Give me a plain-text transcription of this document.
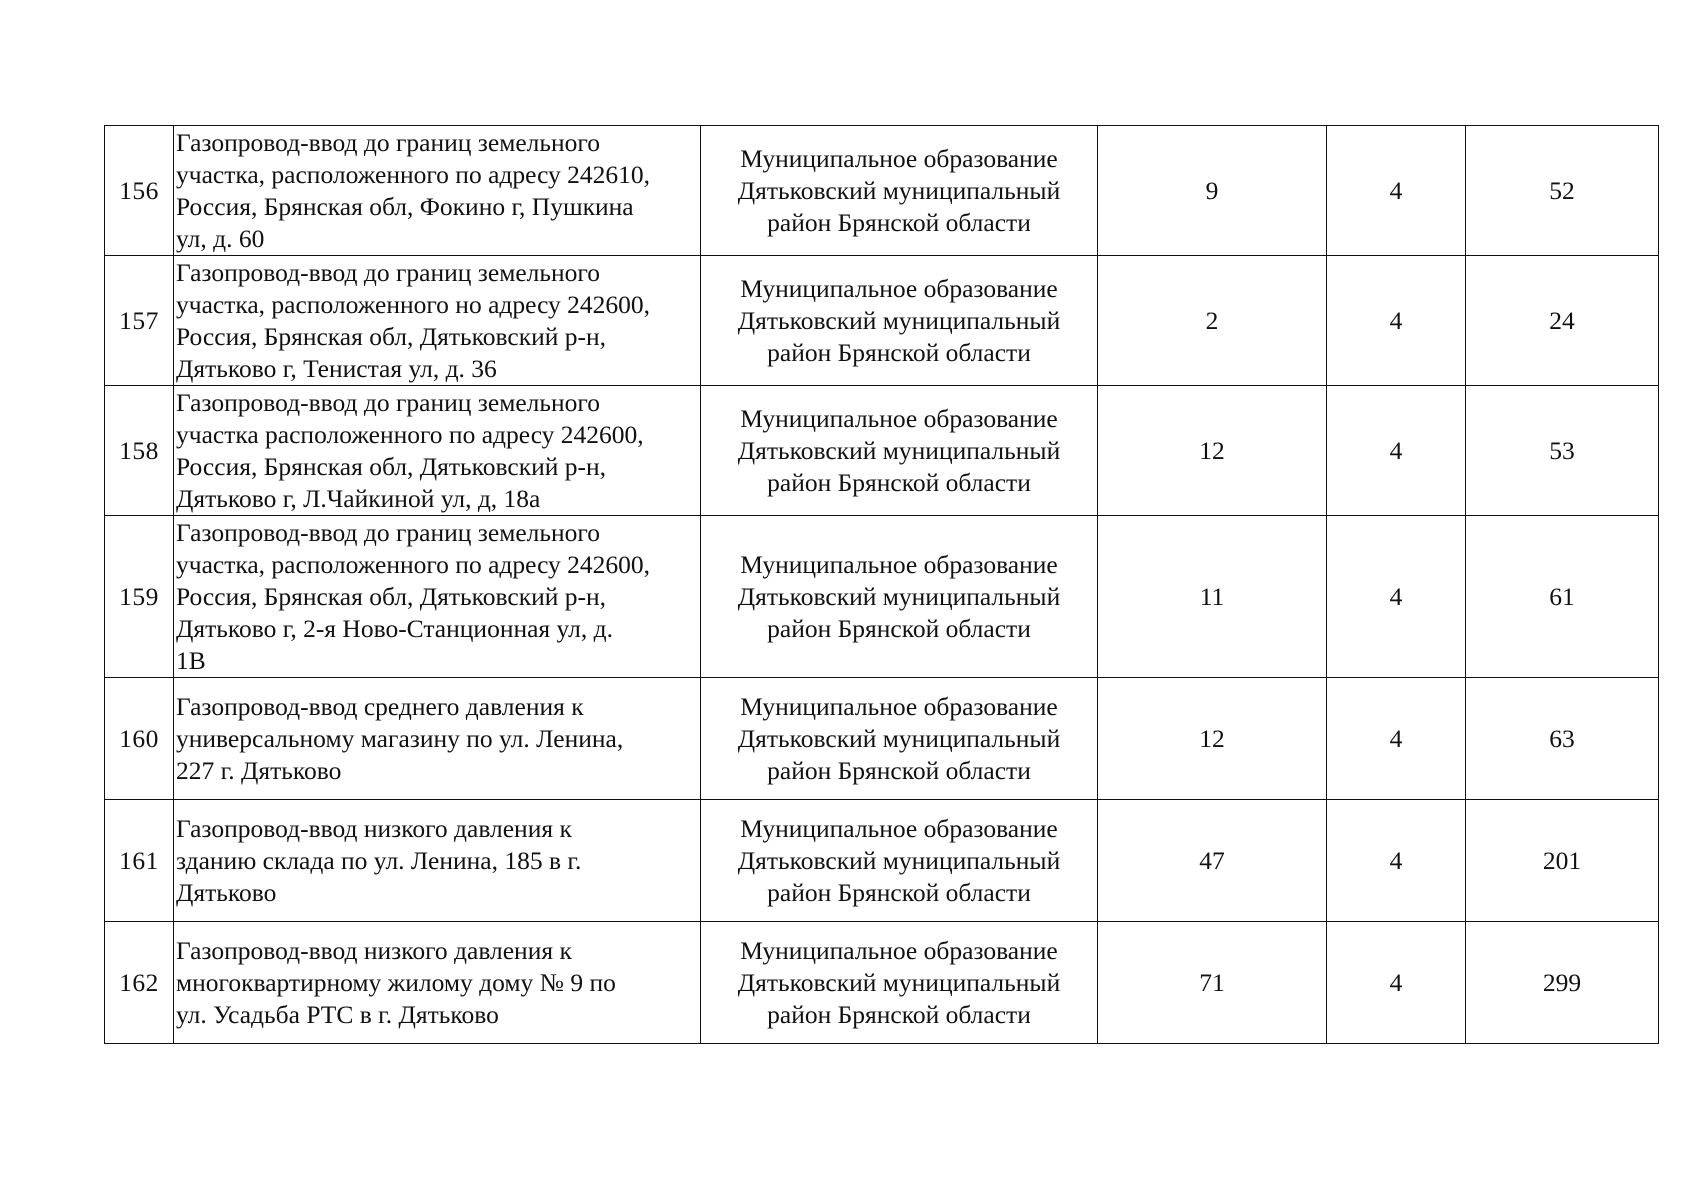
156	Газопровод-ввод до границ земельного
участка, расположенного по адресу 242610,
Россия, Брянская обл, Фокино г, Пушкина
ул, д. 60	Муниципальное образование
Дятьковский муниципальный
район Брянской области	9	4	52

157	Газопровод-ввод до границ земельного
участка, расположенного но адресу 242600,
Россия, Брянская обл, Дятьковский р-н,
Дятьково г, Тенистая ул, д. 36	Муниципальное образование
Дятьковский муниципальный
район Брянской области	2	4	24

158	Газопровод-ввод до границ земельного
участка расположенного по адресу 242600,
Россия, Брянская обл, Дятьковский р-н,
Дятьково г, Л.Чайкиной ул, д, 18а	Муниципальное образование
Дятьковский муниципальный
район Брянской области	12	4	53

159	Газопровод-ввод до границ земельного
участка, расположенного по адресу 242600,
Россия, Брянская обл, Дятьковский р-н,
Дятьково г, 2-я Ново-Станционная ул, д.
1В	Муниципальное образование
Дятьковский муниципальный
район Брянской области	11	4	61

160	Газопровод-ввод среднего давления к
универсальному магазину по ул. Ленина,
227 г. Дятьково	Муниципальное образование
Дятьковский муниципальный
район Брянской области	12	4	63

161	Газопровод-ввод низкого давления к
зданию склада по ул. Ленина, 185 в г.
Дятьково	Муниципальное образование
Дятьковский муниципальный
район Брянской области	47	4	201

162	Газопровод-ввод низкого давления к
многоквартирному жилому дому № 9 по
ул. Усадьба РТС в г. Дятьково	Муниципальное образование
Дятьковский муниципальный
район Брянской области	71	4	299
